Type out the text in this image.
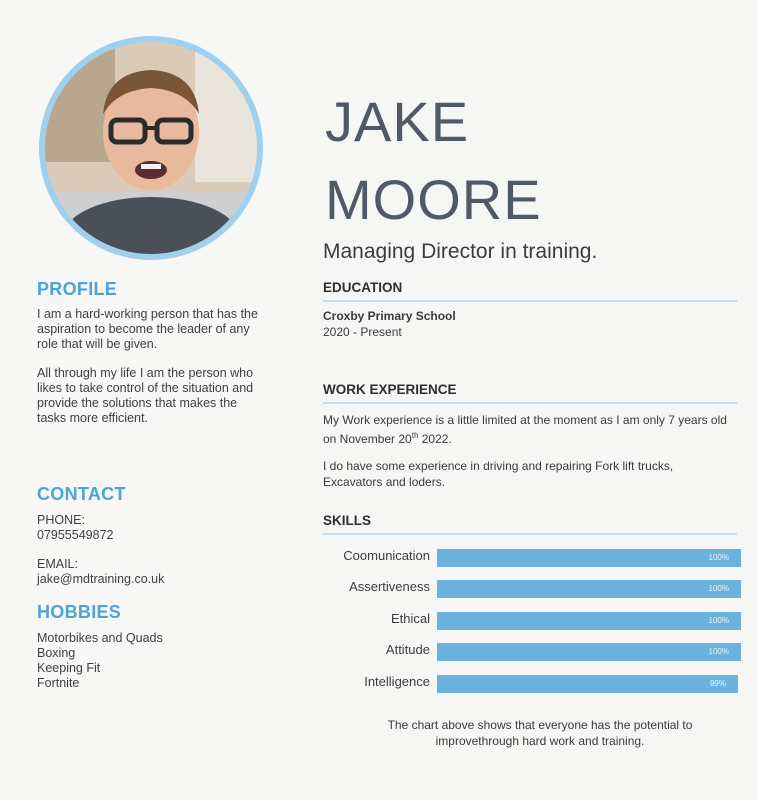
PROFILE

I am a hard-working person that has the aspiration to become the leader of any role that will be given.

All through my life I am the person who likes to take control of the situation and provide the solutions that makes the tasks more efficient.

CONTACT
PHONE:
07955549872
EMAIL:
jake@mdtraining.co.uk
HOBBIES
Motorbikes and Quads
Boxing
Keeping Fit
Fortnite
JAKE
MOORE

Managing Director in training.

EDUCATION
Croxby Primary School
2020 - Present
WORK EXPERIENCE

My Work experience is a little limited at the moment as I am only 7 years old on November 20th 2022.

I do have some experience in driving and repairing Fork lift trucks, Excavators and loders.

SKILLS
Coomunication	100%
Assertiveness	100%
Ethical	100%
Attitude	100%
Intelligence	99%

The chart above shows that everyone has the potential to improvethrough hard work and training.
